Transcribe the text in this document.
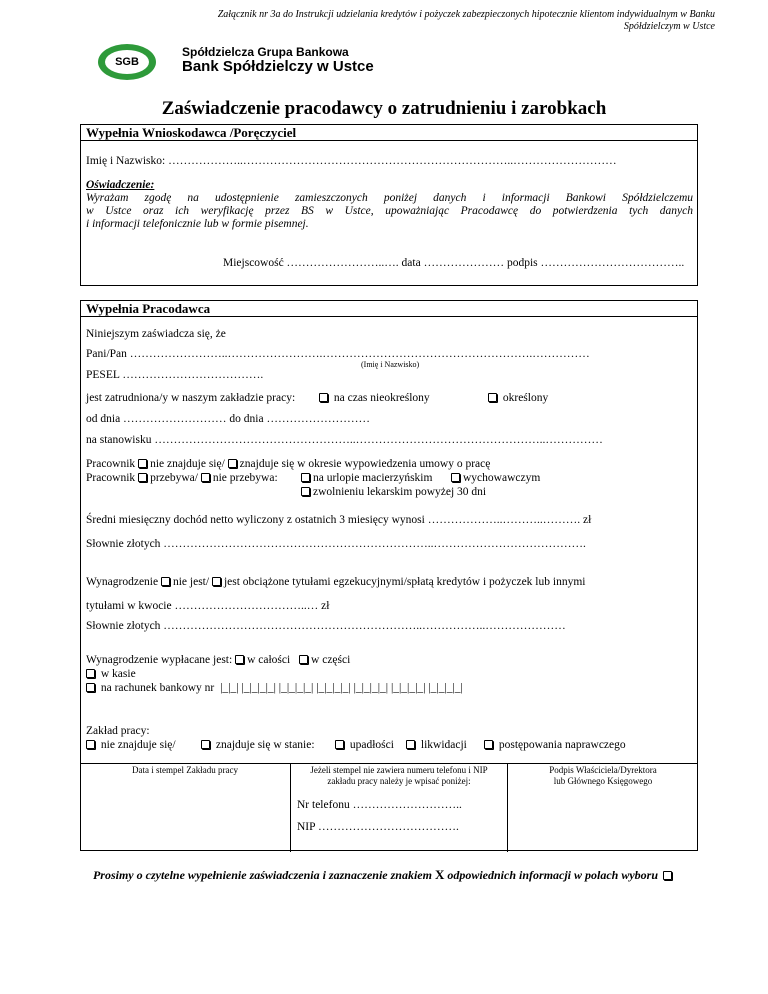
Załącznik nr 3a do Instrukcji udzielania kredytów i pożyczek zabezpieczonych hipotecznie klientom indywidualnym w Banku
Spółdzielczym w Ustce
SGB
Spółdzielcza Grupa Bankowa
Bank Spółdzielczy w Ustce
Zaświadczenie pracodawcy o zatrudnieniu i zarobkach
Wypełnia Wnioskodawca /Poręczyciel
Imię i Nazwisko: ………………..……………………………………………………………..………………………
Oświadczenie:
Wyrażam zgodę na udostępnienie zamieszczonych poniżej danych i informacji Bankowi Spółdzielczemu
w Ustce oraz ich weryfikację przez BS w Ustce, upoważniając Pracodawcę do potwierdzenia tych danych
i informacji telefonicznie lub w formie pisemnej.
Miejscowość ……………………..…. data ………………… podpis ………………………………..
Wypełnia Pracodawca
Niniejszym zaświadcza się, że
Pani/Pan ……………………..…………………….……………………………………………….……………
(Imię i Nazwisko)
PESEL ……………………………….
jest zatrudniona/y w naszym zakładzie pracy:	na czas nieokreślony	określony
od dnia ……………………… do dnia ………………………
na stanowisku ……………………………………………..…………………………………………..……………
Pracownik nie znajduje się/ znajduje się w okresie wypowiedzenia umowy o pracę
Pracownik przebywa/ nie przebywa:	na urlopie macierzyńskim	wychowawczym
zwolnieniu lekarskim powyżej 30 dni
Średni miesięczny dochód netto wyliczony z ostatnich 3 miesięcy wynosi ………………..………..………. zł
Słownie złotych ……………………………………………………………..………………………………….
Wynagrodzenie nie jest/ jest obciążone tytułami egzekucyjnymi/spłatą kredytów i pożyczek lub innymi
tytułami w kwocie ……………………………..… zł
Słownie złotych …………………………………………………………..……………..…………………
Wynagrodzenie wypłacane jest: w całości w części
w kasie
na rachunek bankowy nr |_|_| |_|_|_|_| |_|_|_|_| |_|_|_|_| |_|_|_|_| |_|_|_|_| |_|_|_|_|
Zakład pracy:
nie znajduje się/	znajduje się w stanie:	upadłości	likwidacji	postępowania naprawczego
Data i stempel Zakładu pracy	Jeżeli stempel nie zawiera numeru telefonu i NIP
zakładu pracy należy je wpisać poniżej:
Nr telefonu ………………………..
NIP ……………………………….
Podpis Właściciela/Dyrektora
lub Głównego Księgowego
Prosimy o czytelne wypełnienie zaświadczenia i zaznaczenie znakiem X odpowiednich informacji w polach wyboru
